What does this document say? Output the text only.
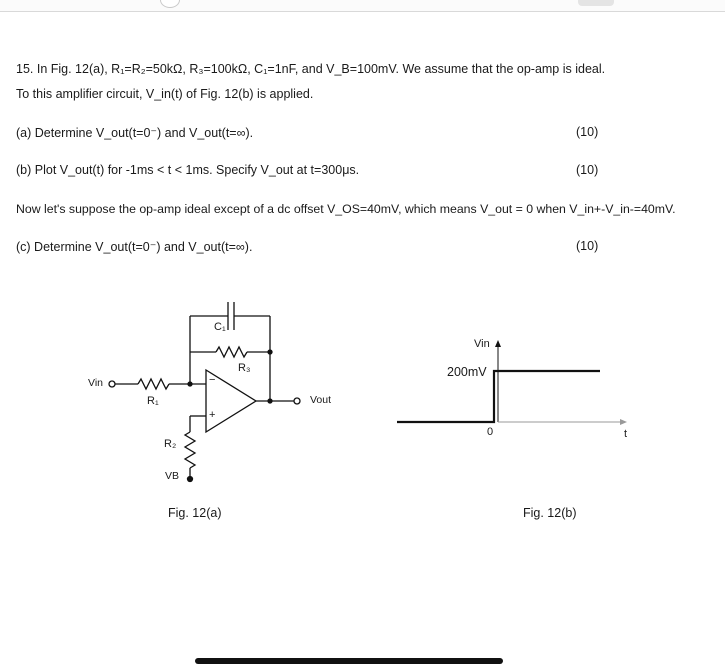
15. In Fig. 12(a), R₁=R₂=50kΩ, R₃=100kΩ, C₁=1nF, and V_B=100mV. We assume that the op-amp is ideal.
To this amplifier circuit, V_in(t) of Fig. 12(b) is applied.
(a) Determine V_out(t=0⁻) and V_out(t=∞).	(10)
(b) Plot V_out(t) for -1ms < t < 1ms. Specify V_out at t=300μs.	(10)
Now let's suppose the op-amp ideal except of a dc offset V_OS=40mV, which means V_out = 0 when V_in+-V_in-=40mV.
(c) Determine V_out(t=0⁻) and V_out(t=∞).	(10)
C₁
R₃
R₁
R₂
Vin
Vout
VB
−
+
Fig. 12(a)
Vin
200mV
0	t
Fig. 12(b)
